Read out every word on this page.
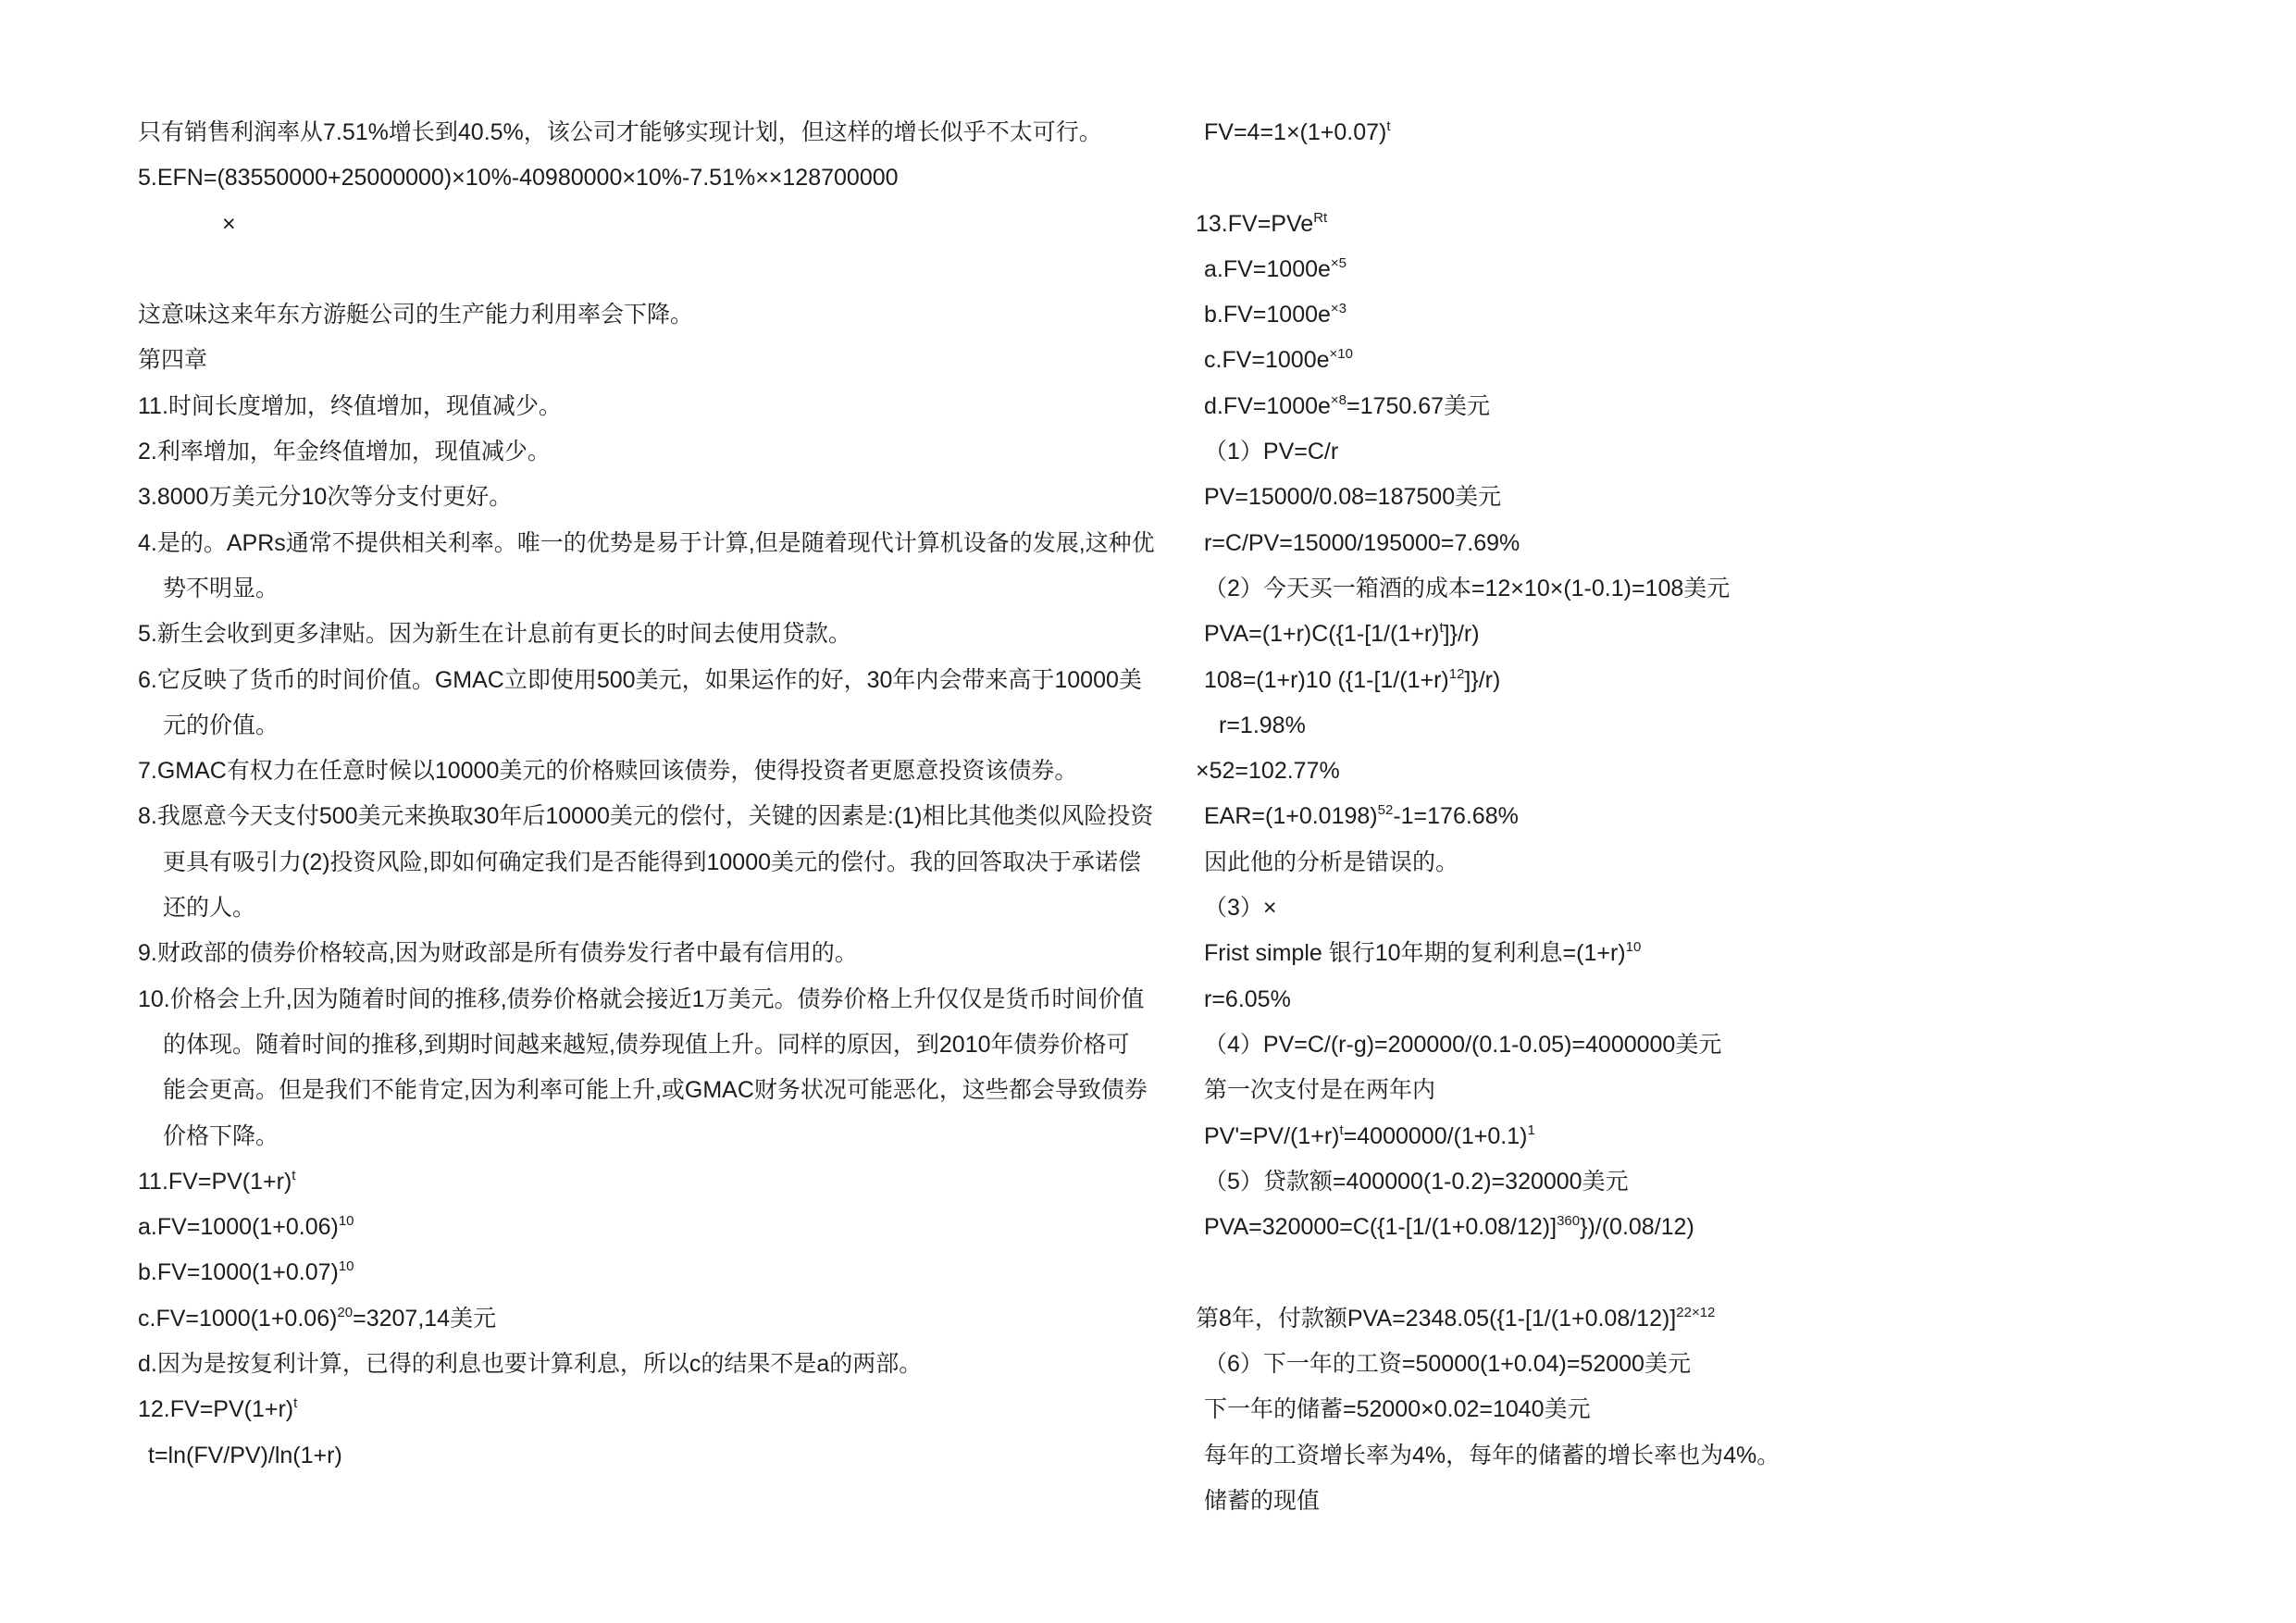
只有销售利润率从7.51%增长到40.5%，该公司才能够实现计划，但这样的增长似乎不太可行。
5.EFN=(83550000+25000000)×10%-40980000×10%-7.51%××128700000
×
这意味这来年东方游艇公司的生产能力利用率会下降。
第四章
11.时间长度增加，终值增加，现值减少。
2.利率增加，年金终值增加，现值减少。
3.8000万美元分10次等分支付更好。
4.是的。APRs通常不提供相关利率。唯一的优势是易于计算,但是随着现代计算机设备的发展,这种优
势不明显。
5.新生会收到更多津贴。因为新生在计息前有更长的时间去使用贷款。
6.它反映了货币的时间价值。GMAC立即使用500美元，如果运作的好，30年内会带来高于10000美
元的价值。
7.GMAC有权力在任意时候以10000美元的价格赎回该债券，使得投资者更愿意投资该债券。
8.我愿意今天支付500美元来换取30年后10000美元的偿付，关键的因素是:(1)相比其他类似风险投资
更具有吸引力(2)投资风险,即如何确定我们是否能得到10000美元的偿付。我的回答取决于承诺偿
还的人。
9.财政部的债券价格较高,因为财政部是所有债券发行者中最有信用的。
10.价格会上升,因为随着时间的推移,债券价格就会接近1万美元。债券价格上升仅仅是货币时间价值
的体现。随着时间的推移,到期时间越来越短,债券现值上升。同样的原因，到2010年债券价格可
能会更高。但是我们不能肯定,因为利率可能上升,或GMAC财务状况可能恶化，这些都会导致债券
价格下降。
$11.FV=PV(1+r)^t$
$a.FV=1000(1+0.06)^{10}$
$b.FV=1000(1+0.07)^{10}$
$c.FV=1000(1+0.06)^{20}=3207,14$美元
d.因为是按复利计算，已得的利息也要计算利息，所以c的结果不是a的两部。
$12.FV=PV(1+r)^t$
t=ln(FV/PV)/ln(1+r)
$FV=4=1\times(1+0.07)^t$
13.FV=PVe$^{Rt}$
$a.FV=1000e^{\times 5}$
$b.FV=1000e^{\times 3}$
$c.FV=1000e^{\times 10}$
$d.FV=1000e^{\times 8}=1750.67$美元
（1）PV=C/r
PV=15000/0.08=187500美元
r=C/PV=15000/195000=7.69%
（2）今天买一箱酒的成本=12×10×(1-0.1)=108美元
$PVA=(1+r)C(\{1-[1/(1+r)^t]\}/r)$
108=(1+r)10 $(\{1-[1/(1+r)^{12}]\}/r)$
r=1.98%
×52=102.77%
$EAR=(1+0.0198)^{52}-1=176.68\%$
因此他的分析是错误的。
（3）×
Frist simple 银行10年期的复利利息$=(1+r)^{10}$
r=6.05%
（4）PV=C/(r-g)=200000/(0.1-0.05)=4000000美元
第一次支付是在两年内
$PV'=PV/(1+r)^t=4000000/(1+0.1)^1$
（5）贷款额=400000(1-0.2)=320000美元
$PVA=320000=C(\{1-[1/(1+0.08/12)]^{360}\})/(0.08/12)$
第8年，付款额$PVA=2348.05(\{1-[1/(1+0.08/12)]^{22\times 12}$
（6）下一年的工资=50000(1+0.04)=52000美元
下一年的储蓄=52000×0.02=1040美元
每年的工资增长率为4%，每年的储蓄的增长率也为4%。
储蓄的现值
